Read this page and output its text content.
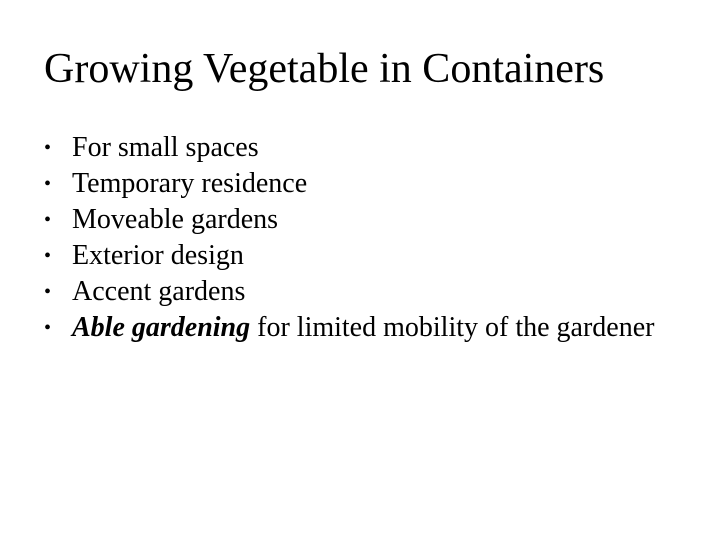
Growing Vegetable in Containers
• For small spaces
• Temporary residence
• Moveable gardens
• Exterior design
• Accent gardens
• Able gardening for limited mobility of the gardener
